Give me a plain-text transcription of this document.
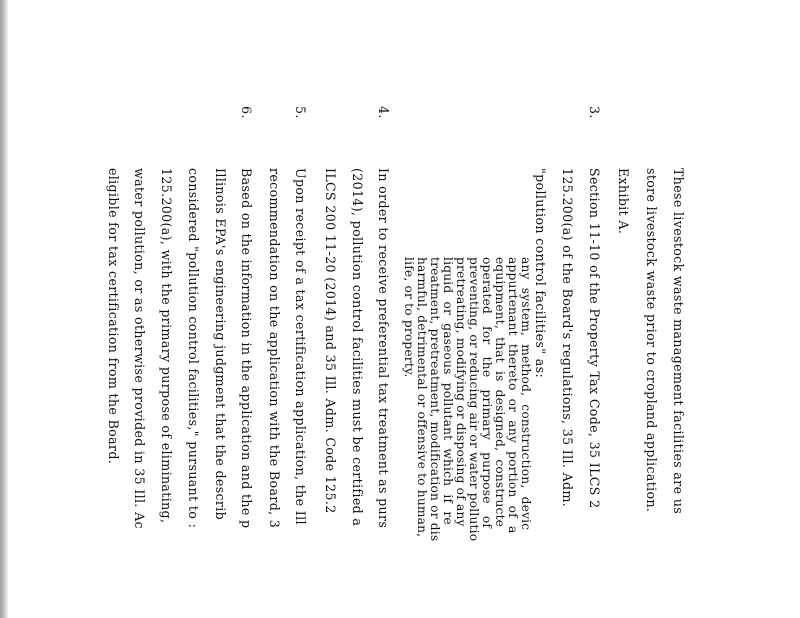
These livestock waste management facilities are us
store livestock waste prior to cropland application.
Exhibit A.
3.
Section 11-10 of the Property Tax Code, 35 ILCS 2
125.200(a) of the Board's regulations, 35 Ill. Adm.
"pollution control facilities" as:
any  system,  method,  construction,  devic
appurtenant  thereto  or  any  portion  of  a
equipment,  that  is  designed,  constructe
operated   for   the   primary   purpose   of
preventing, or reducing air or water pollutio
pretreating, modifying or disposing of any
liquid  or  gaseous  pollutant  which  if  re
treatment, pretreatment, modification or dis
harmful, detrimental or offensive to human,
life, or to property.
4.
In order to receive preferential tax treatment as purs
(2014), pollution control facilities must be certified a
ILCS 200 11-20 (2014) and 35 Ill. Adm. Code 125.2
5.
Upon receipt of a tax certification application, the Ill
recommendation on the application with the Board, 3
6.
Based on the information in the application and the p
Illinois EPA's engineering judgment that the describ
considered "pollution control facilities," pursuant to :
125.200(a), with the primary purpose of eliminating,
water pollution, or as otherwise provided in 35 Ill. Ac
eligible for tax certification from the Board.
